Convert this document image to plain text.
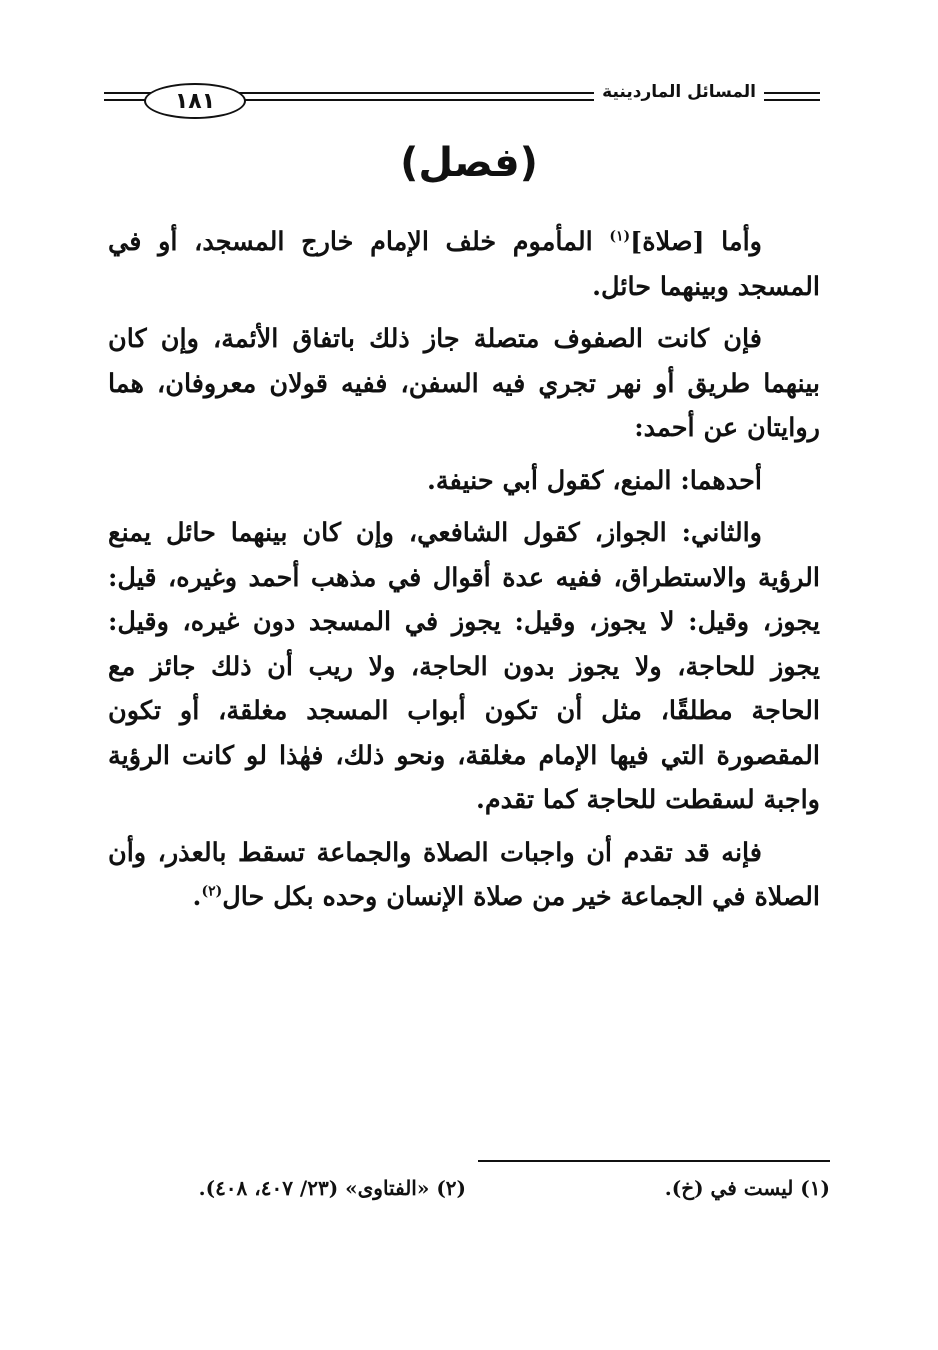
المسائل الماردينية
١٨١
(فصل)

وأما [صلاة]$^{(١)}$ المأموم خلف الإمام خارج المسجد، أو في المسجد وبينهما حائل.

فإن كانت الصفوف متصلة جاز ذلك باتفاق الأئمة، وإن كان بينهما طريق أو نهر تجري فيه السفن، ففيه قولان معروفان، هما روايتان عن أحمد:

أحدهما: المنع، كقول أبي حنيفة.

والثاني: الجواز، كقول الشافعي، وإن كان بينهما حائل يمنع الرؤية والاستطراق، ففيه عدة أقوال في مذهب أحمد وغيره، قيل: يجوز، وقيل: لا يجوز، وقيل: يجوز في المسجد دون غيره، وقيل: يجوز للحاجة، ولا يجوز بدون الحاجة، ولا ريب أن ذلك جائز مع الحاجة مطلقًا، مثل أن تكون أبواب المسجد مغلقة، أو تكون المقصورة التي فيها الإمام مغلقة، ونحو ذلك، فهٰذا لو كانت الرؤية واجبة لسقطت للحاجة كما تقدم.

فإنه قد تقدم أن واجبات الصلاة والجماعة تسقط بالعذر، وأن الصلاة في الجماعة خير من صلاة الإنسان وحده بكل حال$^{(٢)}$.

(١) ليست في (خ).
(٢) «الفتاوى» (٢٣/ ٤٠٧، ٤٠٨).
